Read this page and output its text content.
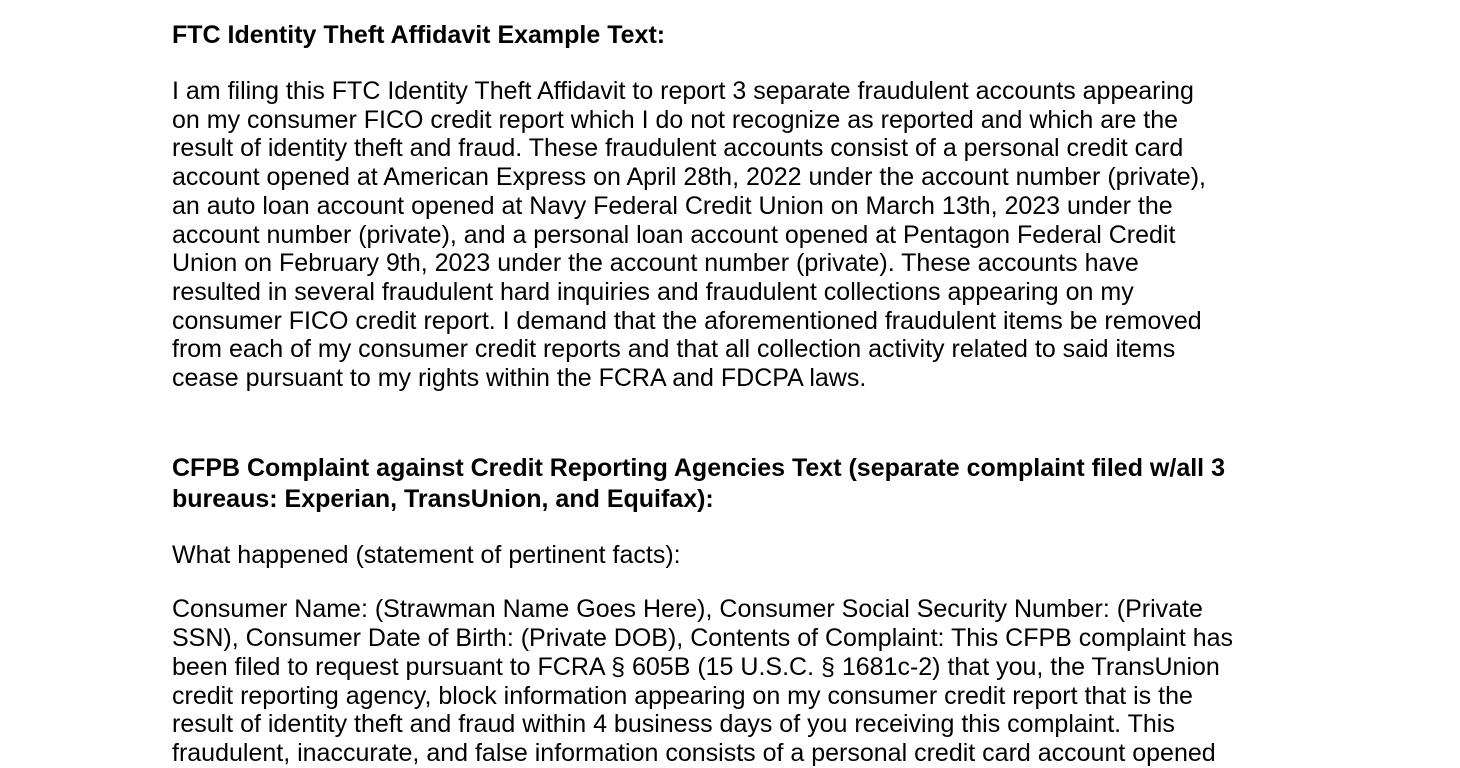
FTC Identity Theft Affidavit Example Text:

I am filing this FTC Identity Theft Affidavit to report 3 separate fraudulent accounts appearing
on my consumer FICO credit report which I do not recognize as reported and which are the
result of identity theft and fraud. These fraudulent accounts consist of a personal credit card
account opened at American Express on April 28th, 2022 under the account number (private),
an auto loan account opened at Navy Federal Credit Union on March 13th, 2023 under the
account number (private), and a personal loan account opened at Pentagon Federal Credit
Union on February 9th, 2023 under the account number (private). These accounts have
resulted in several fraudulent hard inquiries and fraudulent collections appearing on my
consumer FICO credit report. I demand that the aforementioned fraudulent items be removed
from each of my consumer credit reports and that all collection activity related to said items
cease pursuant to my rights within the FCRA and FDCPA laws.

CFPB Complaint against Credit Reporting Agencies Text (separate complaint filed w/all 3
bureaus: Experian, TransUnion, and Equifax):

What happened (statement of pertinent facts):

Consumer Name: (Strawman Name Goes Here), Consumer Social Security Number: (Private
SSN), Consumer Date of Birth: (Private DOB), Contents of Complaint: This CFPB complaint has
been filed to request pursuant to FCRA § 605B (15 U.S.C. § 1681c-2) that you, the TransUnion
credit reporting agency, block information appearing on my consumer credit report that is the
result of identity theft and fraud within 4 business days of you receiving this complaint. This
fraudulent, inaccurate, and false information consists of a personal credit card account opened
